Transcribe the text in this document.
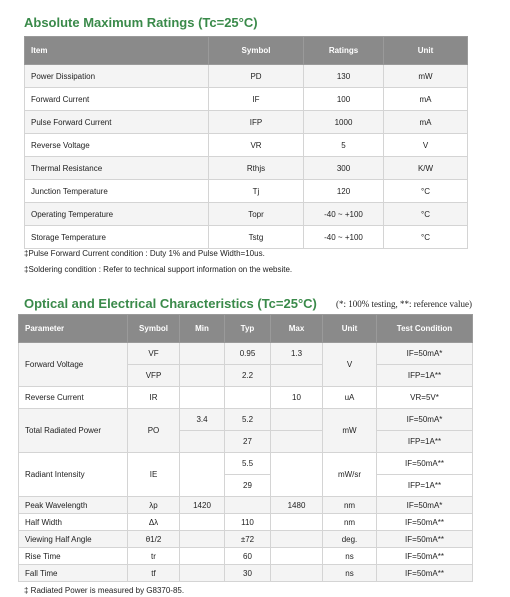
Absolute Maximum Ratings (Tc=25°C)
Item	Symbol	Ratings	Unit
Power Dissipation	PD	130	mW
Forward Current	IF	100	mA
Pulse Forward Current	IFP	1000	mA
Reverse Voltage	VR	5	V
Thermal Resistance	Rthjs	300	K/W
Junction Temperature	Tj	120	°C
Operating Temperature	Topr	-40 ~ +100	°C
Storage Temperature	Tstg	-40 ~ +100	°C
‡Pulse Forward Current condition : Duty 1% and Pulse Width=10us.
‡Soldering condition : Refer to technical support information on the website.
Optical and Electrical Characteristics (Tc=25°C) (*: 100% testing, **: reference value)
Parameter	Symbol	Min	Typ	Max	Unit	Test Condition
Forward Voltage	VF		0.95	1.3	V	IF=50mA*
	VFP		2.2			IFP=1A**
Reverse Current	IR			10	uA	VR=5V*
Total Radiated Power	PO	3.4	5.2		mW	IF=50mA*
			27			IFP=1A**
Radiant Intensity	IE		5.5		mW/sr	IF=50mA**
			29			IFP=1A**
Peak Wavelength	λp	1420		1480	nm	IF=50mA*
Half Width	Δλ		110		nm	IF=50mA**
Viewing Half Angle	θ1/2		±72		deg.	IF=50mA**
Rise Time	tr		60		ns	IF=50mA**
Fall Time	tf		30		ns	IF=50mA**
‡ Radiated Power is measured by G8370-85.
